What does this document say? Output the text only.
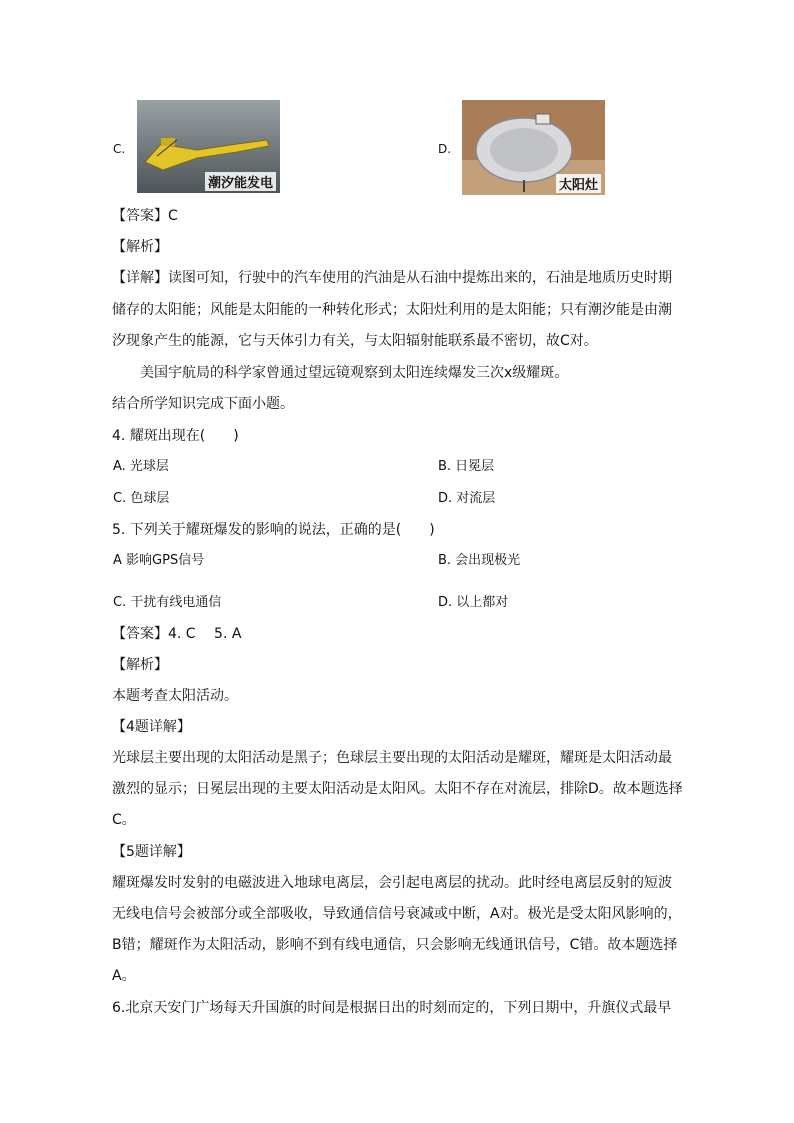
C.
潮汐能发电
D.
太阳灶
【答案】C
【解析】
【详解】读图可知，行驶中的汽车使用的汽油是从石油中提炼出来的，石油是地质历史时期
储存的太阳能；风能是太阳能的一种转化形式；太阳灶利用的是太阳能；只有潮汐能是由潮
汐现象产生的能源，它与天体引力有关，与太阳辐射能联系最不密切，故C对。
美国宇航局的科学家曾通过望远镜观察到太阳连续爆发三次x级耀斑。
结合所学知识完成下面小题。
4. 耀斑出现在(　　)
A. 光球层	B. 日冕层
C. 色球层	D. 对流层
5. 下列关于耀斑爆发的影响的说法，正确的是(　　)
A 影响GPS信号	B. 会出现极光
C. 干扰有线电通信	D. 以上都对
【答案】4. C　 5. A
【解析】
本题考查太阳活动。
【4题详解】
光球层主要出现的太阳活动是黑子；色球层主要出现的太阳活动是耀斑，耀斑是太阳活动最
激烈的显示；日冕层出现的主要太阳活动是太阳风。太阳不存在对流层，排除D。故本题选择
C。
【5题详解】
耀斑爆发时发射的电磁波进入地球电离层，会引起电离层的扰动。此时经电离层反射的短波
无线电信号会被部分或全部吸收，导致通信信号衰减或中断，A对。极光是受太阳风影响的，
B错；耀斑作为太阳活动，影响不到有线电通信，只会影响无线通讯信号，C错。故本题选择
A。
6.北京天安门广场每天升国旗的时间是根据日出的时刻而定的，下列日期中，升旗仪式最早
